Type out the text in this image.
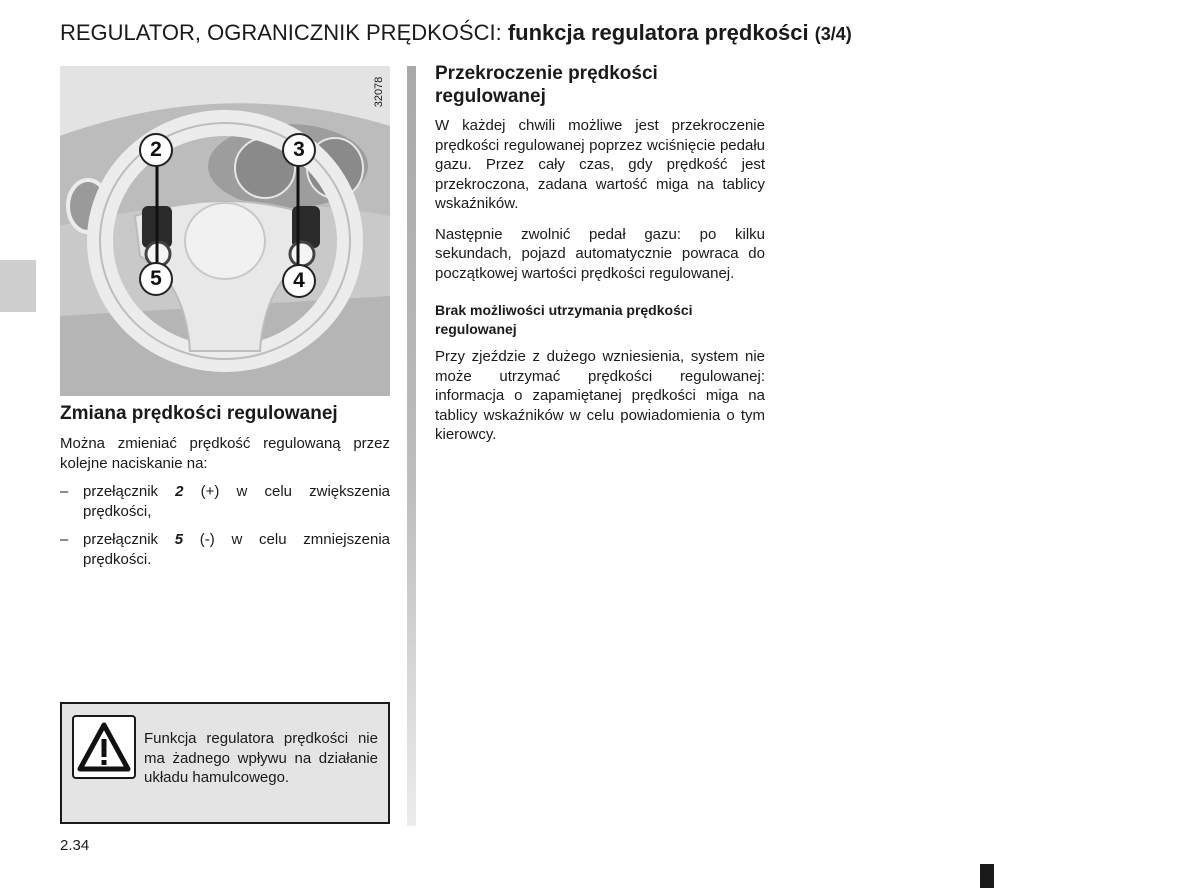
REGULATOR, OGRANICZNIK PRĘDKOŚCI: funkcja regulatora prędkości (3/4)
32078
2	3
5	4
Zmiana prędkości regulowanej

Można zmieniać prędkość regulowaną przez kolejne naciskanie na:

– przełącznik 2 (+) w celu zwiększenia prędkości,
– przełącznik 5 (-) w celu zmniejszenia prędkości.
Przekroczenie prędkości regulowanej

W każdej chwili możliwe jest przekroczenie prędkości regulowanej poprzez wciśnięcie pedału gazu. Przez cały czas, gdy prędkość jest przekroczona, zadana wartość miga na tablicy wskaźników.

Następnie zwolnić pedał gazu: po kilku sekundach, pojazd automatycznie powraca do początkowej wartości prędkości regulowanej.

Brak możliwości utrzymania prędkości regulowanej

Przy zjeździe z dużego wzniesienia, system nie może utrzymać prędkości regulowanej: informacja o zapamiętanej prędkości miga na tablicy wskaźników w celu powiadomienia o tym kierowcy.

Funkcja regulatora prędkości nie ma żadnego wpływu na działanie układu hamulcowego.

2.34
